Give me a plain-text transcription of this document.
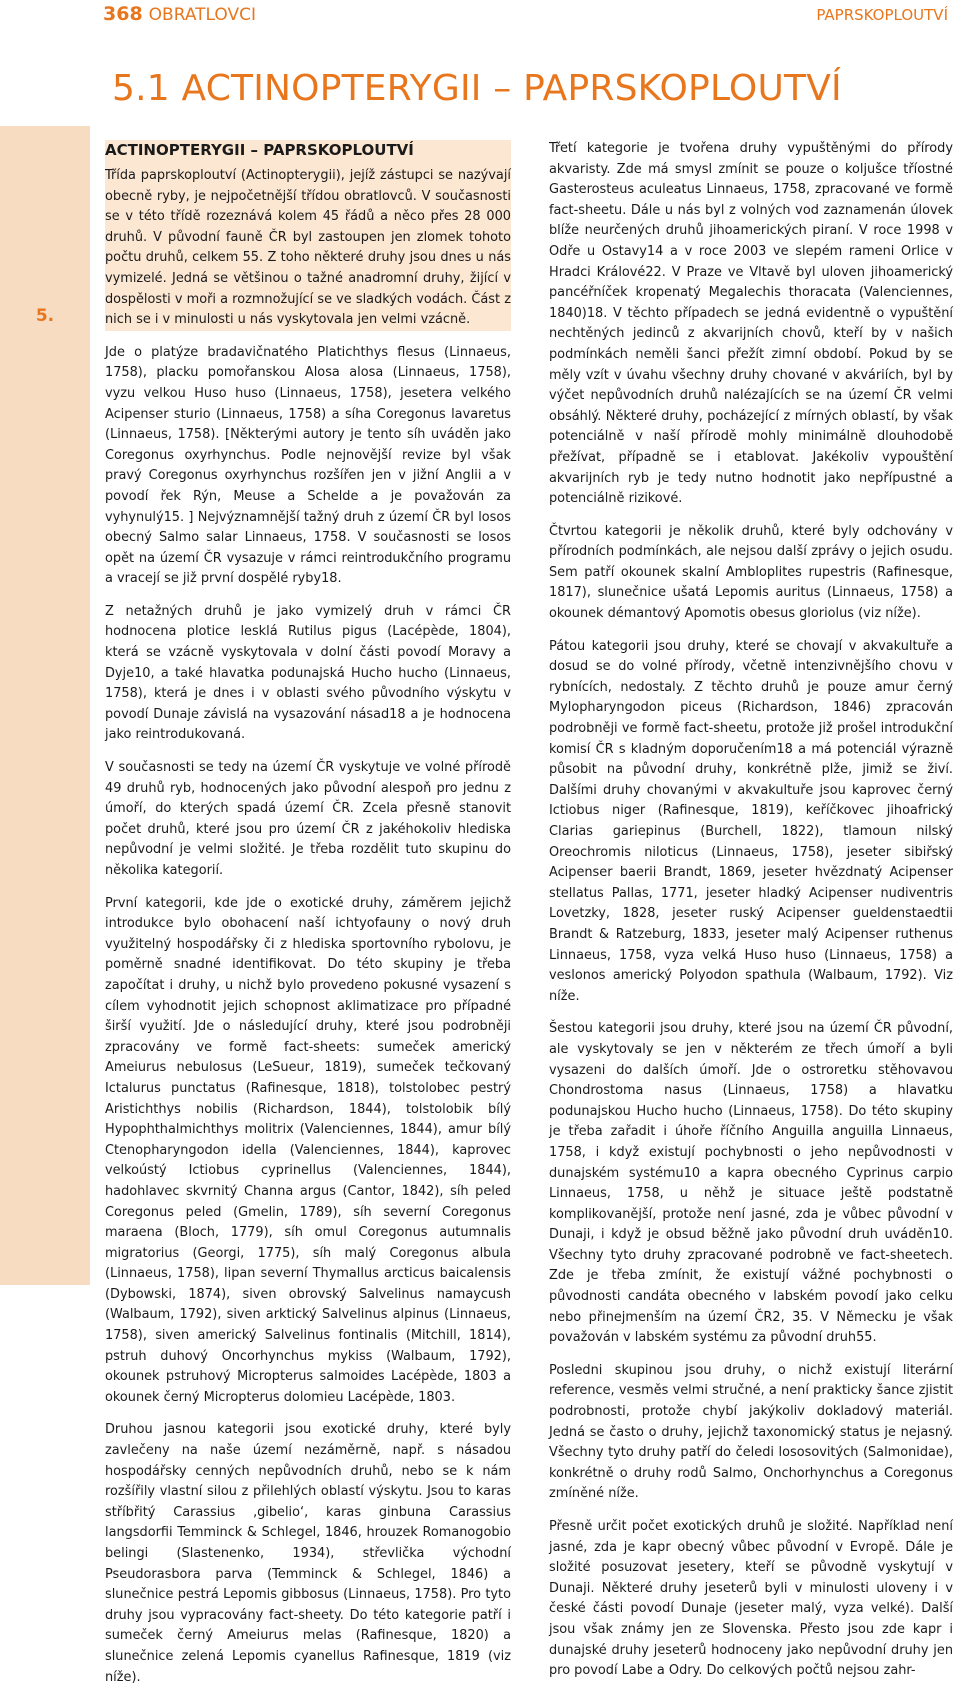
368 OBRATLOVCI	PAPRSKOPLOUTVÍ
5.1 ACTINOPTERYGII – PAPRSKOPLOUTVÍ
5.
ACTINOPTERYGII – PAPRSKOPLOUTVÍ
Třída paprskoploutví (Actinopterygii), jejíž zástupci se nazývají obecně ryby, je nejpočetnější třídou obratlovců. V současnosti se v této třídě rozeznává kolem 45 řádů a něco přes 28 000 druhů. V původní fauně ČR byl zastoupen jen zlomek tohoto počtu druhů, celkem 55. Z toho některé druhy jsou dnes u nás vymizelé. Jedná se většinou o tažné anadromní druhy, žijící v dospělosti v moři a rozmnožující se ve sladkých vodách. Část z nich se i v minulosti u nás vyskytovala jen velmi vzácně.

Jde o platýze bradavičnatého Platichthys flesus (Linnaeus, 1758), placku pomořanskou Alosa alosa (Linnaeus, 1758), vyzu velkou Huso huso (Linnaeus, 1758), jesetera velkého Acipenser sturio (Linnaeus, 1758) a síha Coregonus lavaretus (Linnaeus, 1758). [Některými autory je tento síh uváděn jako Coregonus oxyrhynchus. Podle nejnovější revize byl však pravý Coregonus oxyrhynchus rozšířen jen v jižní Anglii a v povodí řek Rýn, Meuse a Schelde a je považován za vyhynulý15. ] Nejvýznamnější tažný druh z území ČR byl losos obecný Salmo salar Linnaeus, 1758. V současnosti se losos opět na území ČR vysazuje v rámci reintrodukčního programu a vracejí se již první dospělé ryby18.

Z netažných druhů je jako vymizelý druh v rámci ČR hodnocena plotice lesklá Rutilus pigus (Lacépède, 1804), která se vzácně vyskytovala v dolní části povodí Moravy a Dyje10, a také hlavatka podunajská Hucho hucho (Linnaeus, 1758), která je dnes i v oblasti svého původního výskytu v povodí Dunaje závislá na vysazování násad18 a je hodnocena jako reintrodukovaná.

V současnosti se tedy na území ČR vyskytuje ve volné přírodě 49 druhů ryb, hodnocených jako původní alespoň pro jednu z úmoří, do kterých spadá území ČR. Zcela přesně stanovit počet druhů, které jsou pro území ČR z jakéhokoliv hlediska nepůvodní je velmi složité. Je třeba rozdělit tuto skupinu do několika kategorií.

První kategorii, kde jde o exotické druhy, záměrem jejichž introdukce bylo obohacení naší ichtyofauny o nový druh využitelný hospodářsky či z hlediska sportovního rybolovu, je poměrně snadné identifikovat. Do této skupiny je třeba započítat i druhy, u nichž bylo provedeno pokusné vysazení s cílem vyhodnotit jejich schopnost aklimatizace pro případné širší využití. Jde o následující druhy, které jsou podrobněji zpracovány ve formě fact-sheets: sumeček americký Ameiurus nebulosus (LeSueur, 1819), sumeček tečkovaný Ictalurus punctatus (Rafinesque, 1818), tolstolobec pestrý Aristichthys nobilis (Richardson, 1844), tolstolobik bílý Hypophthalmichthys molitrix (Valenciennes, 1844), amur bílý Ctenopharyngodon idella (Valenciennes, 1844), kaprovec velkoústý Ictiobus cyprinellus (Valenciennes, 1844), hadohlavec skvrnitý Channa argus (Cantor, 1842), síh peled Coregonus peled (Gmelin, 1789), síh severní Coregonus maraena (Bloch, 1779), síh omul Coregonus autumnalis migratorius (Georgi, 1775), síh malý Coregonus albula (Linnaeus, 1758), lipan severní Thymallus arcticus baicalensis (Dybowski, 1874), siven obrovský Salvelinus namaycush (Walbaum, 1792), siven arktický Salvelinus alpinus (Linnaeus, 1758), siven americký Salvelinus fontinalis (Mitchill, 1814), pstruh duhový Oncorhynchus mykiss (Walbaum, 1792), okounek pstruhový Micropterus salmoides Lacépède, 1803 a okounek černý Micropterus dolomieu Lacépède, 1803.

Druhou jasnou kategorii jsou exotické druhy, které byly zavlečeny na naše území nezáměrně, např. s násadou hospodářsky cenných nepůvodních druhů, nebo se k nám rozšířily vlastní silou z přilehlých oblastí výskytu. Jsou to karas stříbřitý Carassius ‚gibelio‘, karas ginbuna Carassius langsdorfii Temminck & Schlegel, 1846, hrouzek Romanogobio belingi (Slastenenko, 1934), střevlička východní Pseudorasbora parva (Temminck & Schlegel, 1846) a slunečnice pestrá Lepomis gibbosus (Linnaeus, 1758). Pro tyto druhy jsou vypracovány fact-sheety. Do této kategorie patří i sumeček černý Ameiurus melas (Rafinesque, 1820) a slunečnice zelená Lepomis cyanellus Rafinesque, 1819 (viz níže).

Třetí kategorie je tvořena druhy vypuštěnými do přírody akvaristy. Zde má smysl zmínit se pouze o koljušce tříostné Gasterosteus aculeatus Linnaeus, 1758, zpracované ve formě fact-sheetu. Dále u nás byl z volných vod zaznamenán úlovek blíže neurčených druhů jihoamerických piraní. V roce 1998 v Odře u Ostavy14 a v roce 2003 ve slepém rameni Orlice v Hradci Králové22. V Praze ve Vltavě byl uloven jihoamerický pancéřníček kropenatý Megalechis thoracata (Valenciennes, 1840)18. V těchto případech se jedná evidentně o vypuštění nechtěných jedinců z akvarijních chovů, kteří by v našich podmínkách neměli šanci přežít zimní období. Pokud by se měly vzít v úvahu všechny druhy chované v akváriích, byl by výčet nepůvodních druhů nalézajících se na území ČR velmi obsáhlý. Některé druhy, pocházející z mírných oblastí, by však potenciálně v naší přírodě mohly minimálně dlouhodobě přežívat, případně se i etablovat. Jakékoliv vypouštění akvarijních ryb je tedy nutno hodnotit jako nepřípustné a potenciálně rizikové.

Čtvrtou kategorii je několik druhů, které byly odchovány v přírodních podmínkách, ale nejsou další zprávy o jejich osudu. Sem patří okounek skalní Ambloplites rupestris (Rafinesque, 1817), slunečnice ušatá Lepomis auritus (Linnaeus, 1758) a okounek démantový Apomotis obesus gloriolus (viz níže).

Pátou kategorii jsou druhy, které se chovají v akvakultuře a dosud se do volné přírody, včetně intenzivnějšího chovu v rybnících, nedostaly. Z těchto druhů je pouze amur černý Mylopharyngodon piceus (Richardson, 1846) zpracován podrobněji ve formě fact-sheetu, protože již prošel introdukční komisí ČR s kladným doporučením18 a má potenciál výrazně působit na původní druhy, konkrétně plže, jimiž se živí. Dalšími druhy chovanými v akvakultuře jsou kaprovec černý Ictiobus niger (Rafinesque, 1819), keříčkovec jihoafrický Clarias gariepinus (Burchell, 1822), tlamoun nilský Oreochromis niloticus (Linnaeus, 1758), jeseter sibiřský Acipenser baerii Brandt, 1869, jeseter hvězdnatý Acipenser stellatus Pallas, 1771, jeseter hladký Acipenser nudiventris Lovetzky, 1828, jeseter ruský Acipenser gueldenstaedtii Brandt & Ratzeburg, 1833, jeseter malý Acipenser ruthenus Linnaeus, 1758, vyza velká Huso huso (Linnaeus, 1758) a veslonos americký Polyodon spathula (Walbaum, 1792). Viz níže.

Šestou kategorii jsou druhy, které jsou na území ČR původní, ale vyskytovaly se jen v některém ze třech úmoří a byli vysazeni do dalších úmoří. Jde o ostroretku stěhovavou Chondrostoma nasus (Linnaeus, 1758) a hlavatku podunajskou Hucho hucho (Linnaeus, 1758). Do této skupiny je třeba zařadit i úhoře říčního Anguilla anguilla Linnaeus, 1758, i když existují pochybnosti o jeho nepůvodnosti v dunajském systému10 a kapra obecného Cyprinus carpio Linnaeus, 1758, u něhž je situace ještě podstatně komplikovanější, protože není jasné, zda je vůbec původní v Dunaji, i když je obsud běžně jako původní druh uváděn10. Všechny tyto druhy zpracované podrobně ve fact-sheetech. Zde je třeba zmínit, že existují vážné pochybnosti o původnosti candáta obecného v labském povodí jako celku nebo přinejmenším na území ČR2, 35. V Německu je však považován v labském systému za původní druh55.

Posledni skupinou jsou druhy, o nichž existují literární reference, vesměs velmi stručné, a není prakticky šance zjistit podrobnosti, protože chybí jakýkoliv dokladový materiál. Jedná se často o druhy, jejichž taxonomický status je nejasný. Všechny tyto druhy patří do čeledi lososovitých (Salmonidae), konkrétně o druhy rodů Salmo, Onchorhynchus a Coregonus zmíněné níže.

Přesně určit počet exotických druhů je složité. Například není jasné, zda je kapr obecný vůbec původní v Evropě. Dále je složité posuzovat jesetery, kteří se původně vyskytují v Dunaji. Některé druhy jeseterů byli v minulosti uloveny i v české části povodí Dunaje (jeseter malý, vyza velké). Další jsou však známy jen ze Slovenska. Přesto jsou zde kapr i dunajské druhy jeseterů hodnoceny jako nepůvodní druhy jen pro povodí Labe a Odry. Do celkových počtů nejsou zahr-
